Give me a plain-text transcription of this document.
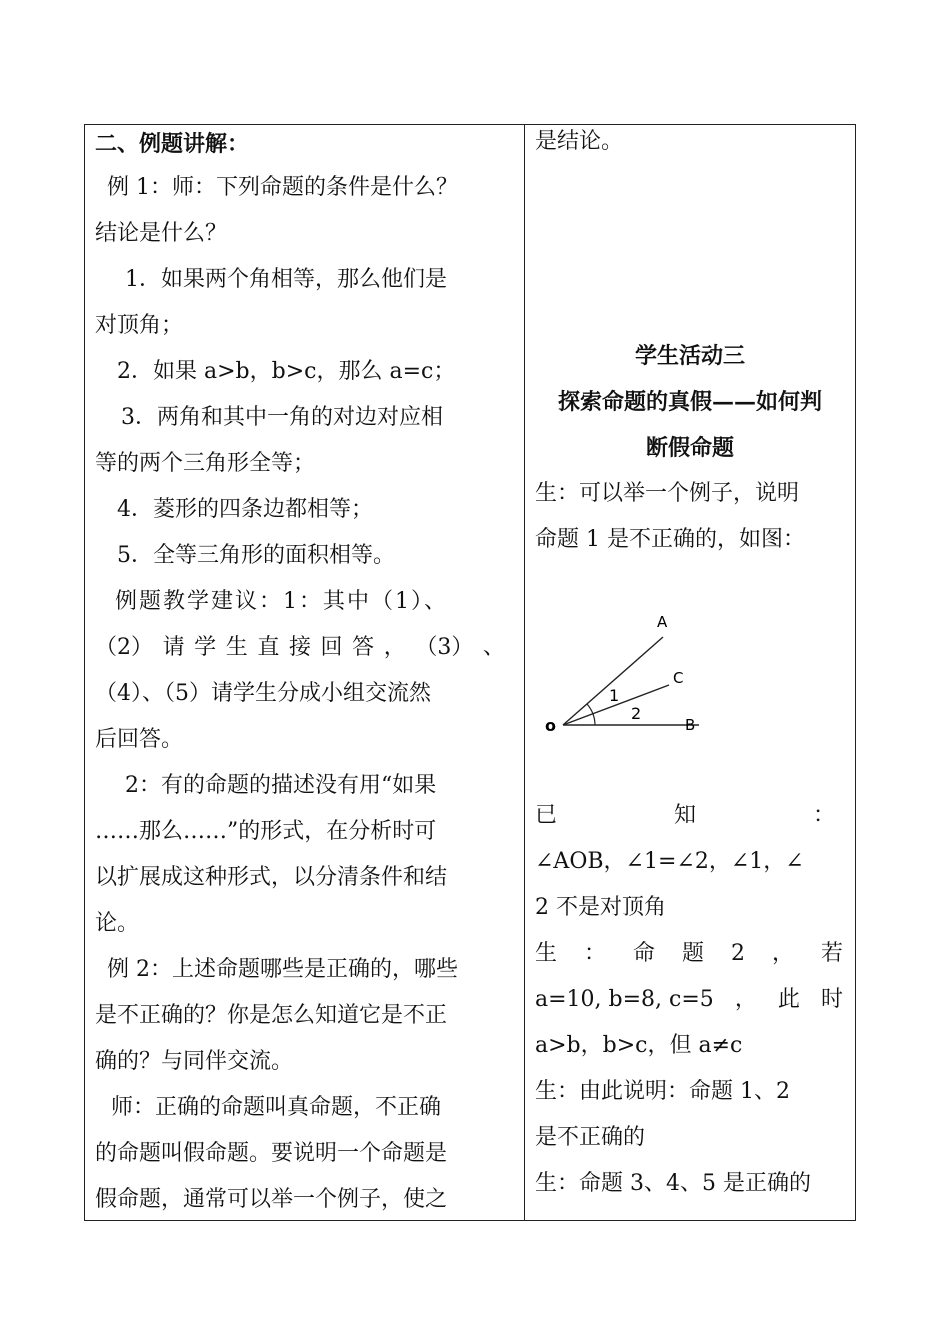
二、例题讲解：
例 1：师：下列命题的条件是什么？
结论是什么？
1．如果两个角相等，那么他们是
对顶角；
2．如果 a>b，b>c，那么 a=c；
3．两角和其中一角的对边对应相
等的两个三角形全等；
4．菱形的四条边都相等；
5．全等三角形的面积相等。
例题教学建议：1：其中（1）、
（2） 请 学 生 直 接 回 答 ， （3） 、
（4）、（5）请学生分成小组交流然
后回答。
2：有的命题的描述没有用“如果
……那么……”的形式，在分析时可
以扩展成这种形式，以分清条件和结
论。
例 2：上述命题哪些是正确的，哪些
是不正确的？你是怎么知道它是不正
确的？与同伴交流。
师：正确的命题叫真命题，不正确
的命题叫假命题。要说明一个命题是
假命题，通常可以举一个例子，使之
是结论。
学生活动三
探索命题的真假——如何判
断假命题
生：可以举一个例子，说明
命题 1 是不正确的，如图：
A
C
B
o
1
2
已	知	：
∠AOB，∠1=∠2，∠1，∠
2 不是对顶角
生 ： 命 题 2 ， 若
a=10, b=8, c=5 ， 此 时
a>b，b>c，但 a≠c
生：由此说明：命题 1、2
是不正确的
生：命题 3、4、5 是正确的
